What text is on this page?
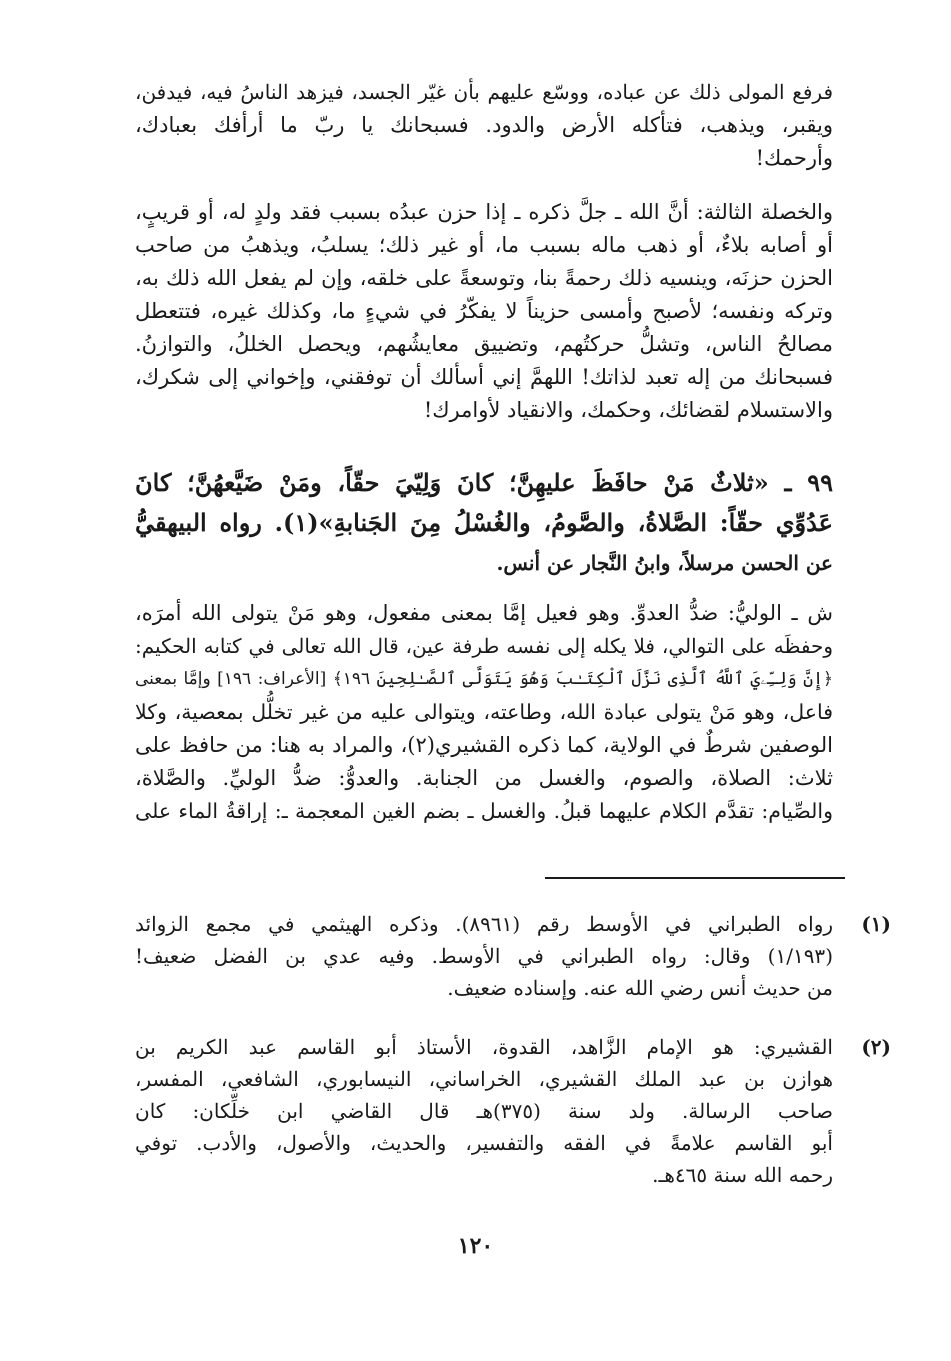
فرفع المولى ذلك عن عباده، ووسّع عليهم بأن غيّر الجسد، فيزهد الناسُ فيه، فيدفن،
ويقبر، ويذهب، فتأكله الأرض والدود. فسبحانك يا ربّ ما أرأفك بعبادك،
وأرحمك!
والخصلة الثالثة: أنَّ الله ـ جلَّ ذكره ـ إذا حزن عبدُه بسبب فقد ولدٍ له، أو قريبٍ،
أو أصابه بلاءٌ، أو ذهب ماله بسبب ما، أو غير ذلك؛ يسلبُ، ويذهبُ من صاحب
الحزن حزنَه، وينسيه ذلك رحمةً بنا، وتوسعةً على خلقه، وإن لم يفعل الله ذلك به،
وتركه ونفسه؛ لأصبح وأمسى حزيناً لا يفكّرُ في شيءٍ ما، وكذلك غيره، فتتعطل
مصالحُ الناس، وتشلُّ حركتُهم، وتضييق معايشُهم، ويحصل الخللُ، والتوازنُ.
فسبحانك من إله تعبد لذاتك! اللهمَّ إني أسألك أن توفقني، وإخواني إلى شكرك،
والاستسلام لقضائك، وحكمك، والانقياد لأوامرك!
٩٩ ـ «ثلاثٌ مَنْ حافَظَ عليهِنَّ؛ كانَ وَلِيّيَ حقّاً، ومَنْ ضَيَّعهُنَّ؛ كانَ
عَدُوِّي حقّاً: الصَّلاةُ، والصَّومُ، والغُسْلُ مِنَ الجَنابةِ»(١). رواه البيهقيُّ
عن الحسن مرسلاً، وابنُ النَّجار عن أنس.
ش ـ الوليُّ: ضدُّ العدوِّ. وهو فعيل إمَّا بمعنى مفعول، وهو مَنْ يتولى الله أمرَه،
وحفظَه على التوالي، فلا يكله إلى نفسه طرفة عين، قال الله تعالى في كتابه الحكيم:
﴿إِنَّ وَلِـِّۦيَ ٱللَّهُ ٱلَّذِى نَزَّلَ ٱلْكِتَـٰبَ وَهُوَ يَتَوَلَّى ٱلصَّـٰلِحِينَ ١٩٦﴾ [الأعراف: ١٩٦] وإمَّا بمعنى
فاعل، وهو مَنْ يتولى عبادة الله، وطاعته، ويتوالى عليه من غير تخلُّل بمعصية، وكلا
الوصفين شرطٌ في الولاية، كما ذكره القشيري(٢)، والمراد به هنا: من حافظ على
ثلاث: الصلاة، والصوم، والغسل من الجنابة. والعدوُّ: ضدُّ الوليِّ. والصَّلاة،
والصِّيام: تقدَّم الكلام عليهما قبلُ. والغسل ـ بضم الغين المعجمة ـ: إراقةُ الماء على
(١)
رواه الطبراني في الأوسط رقم (٨٩٦١). وذكره الهيثمي في مجمع الزوائد
(١/١٩٣) وقال: رواه الطبراني في الأوسط. وفيه عدي بن الفضل ضعيف!
من حديث أنس رضي الله عنه. وإسناده ضعيف.
(٢)
القشيري: هو الإمام الزَّاهد، القدوة، الأستاذ أبو القاسم عبد الكريم بن
هوازن بن عبد الملك القشيري، الخراساني، النيسابوري، الشافعي، المفسر،
صاحب الرسالة. ولد سنة (٣٧٥)هـ قال القاضي ابن خلِّكان: كان
أبو القاسم علامةً في الفقه والتفسير، والحديث، والأصول، والأدب. توفي
رحمه الله سنة ٤٦٥هـ.
١٢٠
